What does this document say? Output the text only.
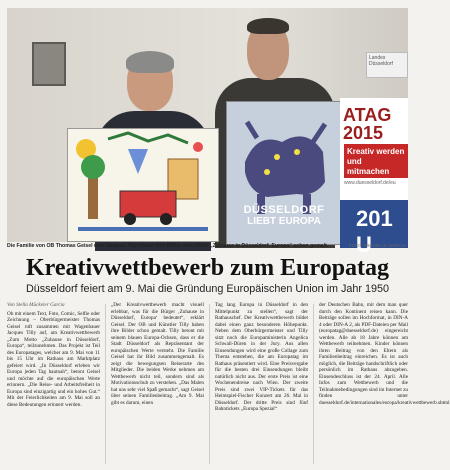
Landes Düsseldorf
DÜSSELDORF
LIEBT EUROPA
ATAG
2015
Kreativ werden
und mitmachen
www.duesseldorf.de/eu
201 U
Die Familie von OB Thomas Geisel und Jacques Tilly haben ihre Bilder zum Motto „Zuhause in Düsseldorf, Europa“ schon gemalt.	FOTO: MICHELLE GARCIA
Kreativwettbewerb zum Europatag
Düsseldorf feiert am 9. Mai die Gründung Europäischen Union im Jahr 1950
Von Stella Mückeler Garcia
Ob mit einem Text, Foto, Comic, Selfie oder Zeichnung – Oberbürgermeister Thomas Geisel ruft zusammen mit Wagenbauer Jacques Tilly auf, am Kreativwettbewerb „Zum Motto „Zuhause in Düsseldorf, Europa“, teilzunehmen. Das Projekt ist Teil des Europatages, welcher am 9. Mai von 11 bis 15 Uhr im Rathaus am Marktplatz gefeiert wird. „In Düsseldorf erleben wir Europa jeden Tag hautnah“, betont Geisel und möchte auf die europäischen Werte erinnern. „Die Reise- und Arbeitsfreiheit in Europa sind einzigartig und ein hohes Gut.“ Mit der Feierlichkeiten am 9. Mai soll an diese Bedeutungen erinnert werden.
„Der Kreativwettbewerb macht visuell erlebbar, was für die Bürger ‚Zuhause in Düsseldorf, Europa‘ bedeutet“, erklärt Geisel. Der OB und Künstler Tilly haben ihre Bilder schon gemalt. Tilly betont mit seinem blauen Europa-Ochsen, dass er die Stadt Düsseldorf als Repräsentant der europäischen Werte versteht. Die Familie Geisel hat ihr Bild zusammengemalt. Es zeigt die bewegungsen Reiserarte des Mitglieder. Die beiden Werke nehmen am Wettbewerb nicht teil, sondern sind als Motivationsschub zu verstehen. „Das Malen hat uns sehr viel Spaß gemacht“, sagt Geisel über seinen Familienbeitrag. „Am 9. Mai gibt es darum, einen
Tag lang Europa in Düsseldorf in den Mittelpunkt zu stellen“, sagt der Rathauschef. Der Kreativwettbewerb bildet dabei einen ganz besonderen Höhepunkt. Neben dem Oberbürgermeister und Tilly sitzt noch die Europaministerin Angelica Schwall-Düren in der Jury. Aus allen Einsendungen wird eine große Collage zum Thema entstehen, die am Europatag im Rathaus präsentiert wird. Eine Preisvergabe für die besten drei Einsendungen bleibt natürlich nicht aus. Der erste Preis ist eine Wochenendreise nach Wien. Der zweite Preis sind zwei VIP-Tickets für das Heimspiel-Fischer Konzert am 26. Mai in Düsseldorf. Der dritte Preis sind fünf Bahntickets „Europa Spezial“
der Deutschen Bahn, mit dem man quer durch den Kontinent reisen kann. Die Beiträge sollen im Hochformat, in DIN-A 4 oder DIN-A 2, als PDF-Dateien per Mail (europatag@duesseldorf.de) eingereicht werden. Alle ab 18 Jahre können am Wettbewerb teilnehmen. Kinder können ihren Beitrag von den Eltern als Familienbeitrag einreichen. Es ist auch möglich, die Beiträge handschriftlich oder persönlich im Rathaus abzugeben. Einsendeschluss ist der 24. April. Alle Infos zum Wettbewerb und die Teilnahmebedingungen sind im Internet zu finden unter duesseldorf.de/internationales/europa/kreativwettbewerb.shtml
